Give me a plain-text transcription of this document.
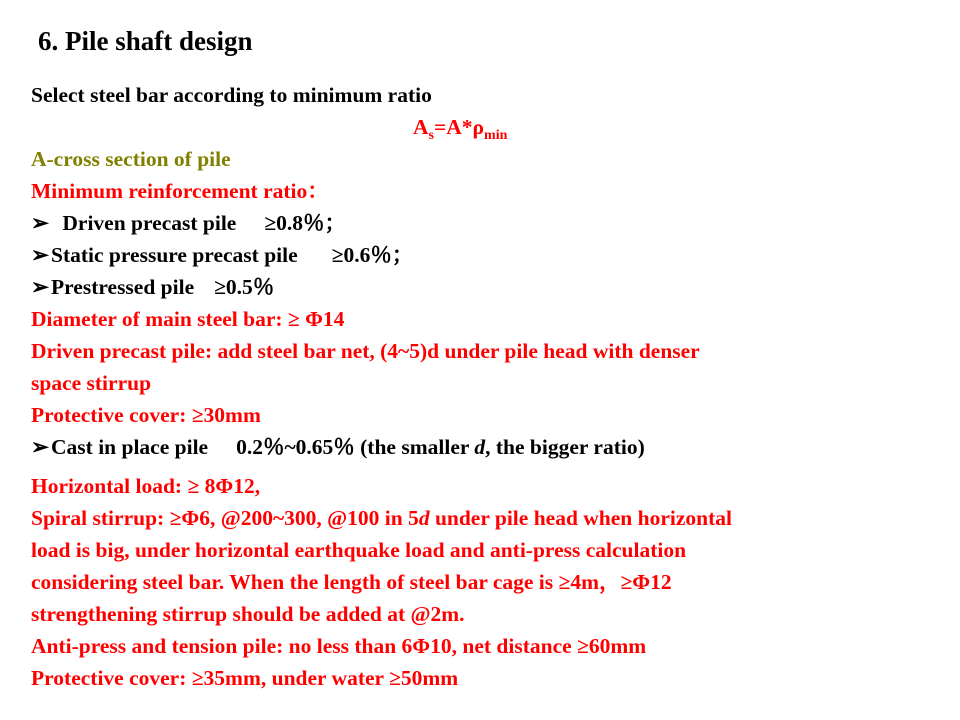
6. Pile shaft design
Select steel bar according to minimum ratio
$A_s=A*\rho_{min}$
A-cross section of pile
Minimum reinforcement ratio：
➢ Driven precast pile ≥0.8％；
➢Static pressure precast pile ≥0.6％；
➢Prestressed pile ≥0.5％
Diameter of main steel bar: ≥ Φ14
Driven precast pile: add steel bar net, (4~5)d under pile head with denser
space stirrup
Protective cover: ≥30mm
➢Cast in place pile 0.2％~0.65％ (the smaller d, the bigger ratio)
Horizontal load: ≥ 8Φ12,
Spiral stirrup: ≥Φ6, @200~300, @100 in 5d under pile head when horizontal
load is big, under horizontal earthquake load and anti-press calculation
considering steel bar. When the length of steel bar cage is ≥4m，≥Φ12
strengthening stirrup should be added at @2m.
Anti-press and tension pile: no less than 6Φ10, net distance ≥60mm
Protective cover: ≥35mm, under water ≥50mm
